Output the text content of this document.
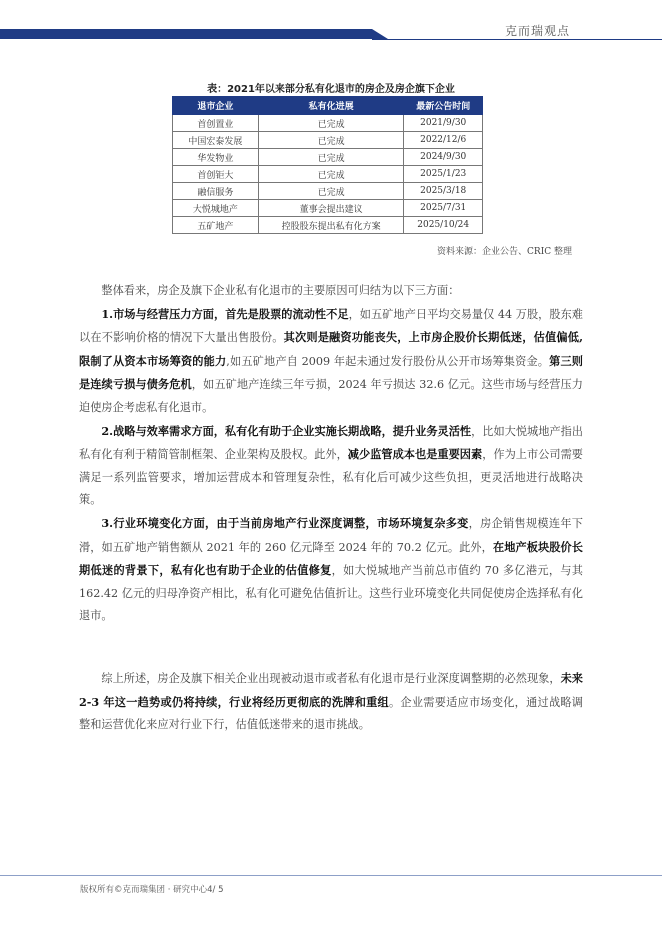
克而瑞观点
表：2021年以来部分私有化退市的房企及房企旗下企业
退市企业	私有化进展	最新公告时间
首创置业	已完成	2021/9/30
中国宏泰发展	已完成	2022/12/6
华发物业	已完成	2024/9/30
首创钜大	已完成	2025/1/23
融信服务	已完成	2025/3/18
大悦城地产	董事会提出建议	2025/7/31
五矿地产	控股股东提出私有化方案	2025/10/24
资料来源：企业公告、CRIC 整理

整体看来，房企及旗下企业私有化退市的主要原因可归结为以下三方面：

1.市场与经营压力方面，首先是股票的流动性不足，如五矿地产日平均交易量仅 44 万股，股东难以在不影响价格的情况下大量出售股份。其次则是融资功能丧失，上市房企股价长期低迷，估值偏低,限制了从资本市场筹资的能力,如五矿地产自 2009 年起未通过发行股份从公开市场筹集资金。第三则是连续亏损与债务危机，如五矿地产连续三年亏损，2024 年亏损达 32.6 亿元。这些市场与经营压力迫使房企考虑私有化退市。

2.战略与效率需求方面，私有化有助于企业实施长期战略，提升业务灵活性，比如大悦城地产指出私有化有利于精简管制框架、企业架构及股权。此外，减少监管成本也是重要因素，作为上市公司需要满足一系列监管要求，增加运营成本和管理复杂性，私有化后可减少这些负担，更灵活地进行战略决策。

3.行业环境变化方面，由于当前房地产行业深度调整，市场环境复杂多变，房企销售规模连年下滑，如五矿地产销售额从 2021 年的 260 亿元降至 2024 年的 70.2 亿元。此外，在地产板块股价长期低迷的背景下，私有化也有助于企业的估值修复，如大悦城地产当前总市值约 70 多亿港元，与其 162.42 亿元的归母净资产相比，私有化可避免估值折让。这些行业环境变化共同促使房企选择私有化退市。

综上所述，房企及旗下相关企业出现被动退市或者私有化退市是行业深度调整期的必然现象，未来 2-3 年这一趋势或仍将持续，行业将经历更彻底的洗牌和重组。企业需要适应市场变化，通过战略调整和运营优化来应对行业下行，估值低迷带来的退市挑战。

版权所有©克而瑞集团 · 研究中心4/ 5
